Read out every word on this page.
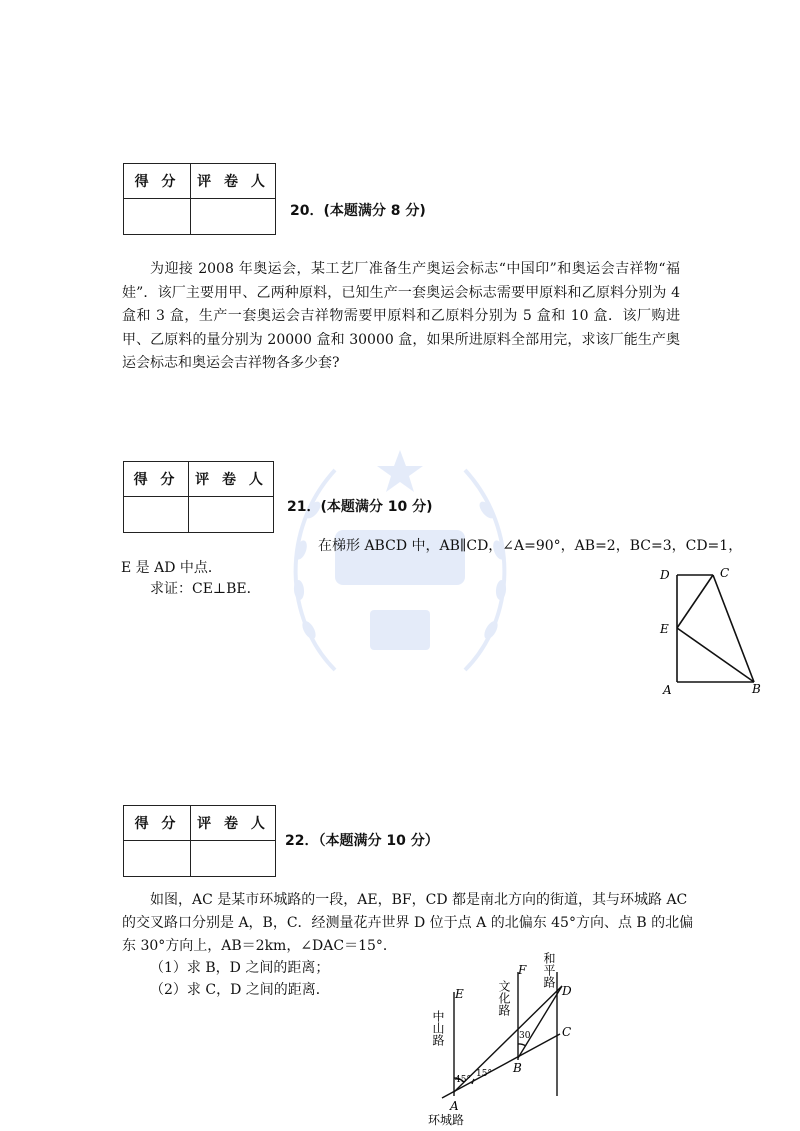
得 分	评 卷 人

20．(本题满分 8 分)
为迎接 2008 年奥运会，某工艺厂准备生产奥运会标志“中国印”和奥运会吉祥物“福娃”．该厂主要用甲、乙两种原料，已知生产一套奥运会标志需要甲原料和乙原料分别为 4 盒和 3 盒，生产一套奥运会吉祥物需要甲原料和乙原料分别为 5 盒和 10 盒．该厂购进甲、乙原料的量分别为 20000 盒和 30000 盒，如果所进原料全部用完，求该厂能生产奥运会标志和奥运会吉祥物各多少套?
得 分	评 卷 人

21．(本题满分 10 分)
在梯形 ABCD 中，AB∥CD，∠A=90°，AB=2，BC=3，CD=1，
E 是 AD 中点．
求证：CE⊥BE．
D	C
E
A	B
得 分	评 卷 人

22．（本题满分 10 分）
如图，AC 是某市环城路的一段，AE，BF，CD 都是南北方向的街道，其与环城路 AC
的交叉路口分别是 A，B，C．经测量花卉世界 D 位于点 A 的北偏东 45°方向、点 B 的北偏
东 30°方向上，AB＝2km，∠DAC＝15°．
（1）求 B，D 之间的距离；
（2）求 C，D 之间的距离．	E
F
D
C
B
A
45°
15°
30
中山路
文化路
和平路
环城路
